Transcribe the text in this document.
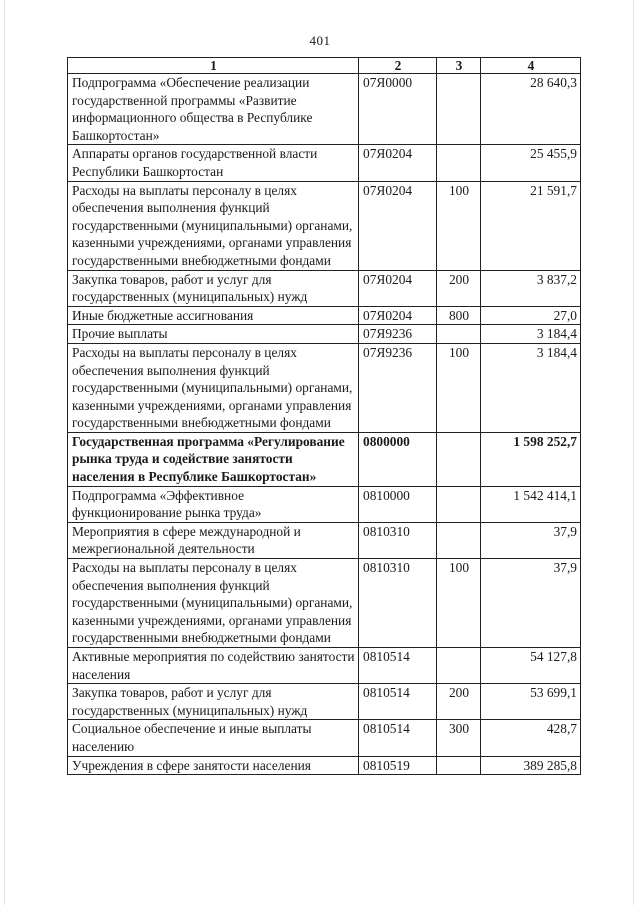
401
1	2	3	4
Подпрограмма «Обеспечение реализации государственной программы «Развитие информационного общества в Республике Башкортостан»	07Я0000		28 640,3
Аппараты органов государственной власти Республики Башкортостан	07Я0204		25 455,9
Расходы на выплаты персоналу в целях обеспечения выполнения функций государственными (муниципальными) органами, казенными учреждениями, органами управления государственными внебюджетными фондами	07Я0204	100	21 591,7
Закупка товаров, работ и услуг для государственных (муниципальных) нужд	07Я0204	200	3 837,2
Иные бюджетные ассигнования	07Я0204	800	27,0
Прочие выплаты	07Я9236		3 184,4
Расходы на выплаты персоналу в целях обеспечения выполнения функций государственными (муниципальными) органами, казенными учреждениями, органами управления государственными внебюджетными фондами	07Я9236	100	3 184,4
Государственная программа «Регулирование рынка труда и содействие занятости населения в Республике Башкортостан»	0800000		1 598 252,7
Подпрограмма «Эффективное функционирование рынка труда»	0810000		1 542 414,1
Мероприятия в сфере международной и межрегиональной деятельности	0810310		37,9
Расходы на выплаты персоналу в целях обеспечения выполнения функций государственными (муниципальными) органами, казенными учреждениями, органами управления государственными внебюджетными фондами	0810310	100	37,9
Активные мероприятия по содействию занятости населения	0810514		54 127,8
Закупка товаров, работ и услуг для государственных (муниципальных) нужд	0810514	200	53 699,1
Социальное обеспечение и иные выплаты населению	0810514	300	428,7
Учреждения в сфере занятости населения	0810519		389 285,8
